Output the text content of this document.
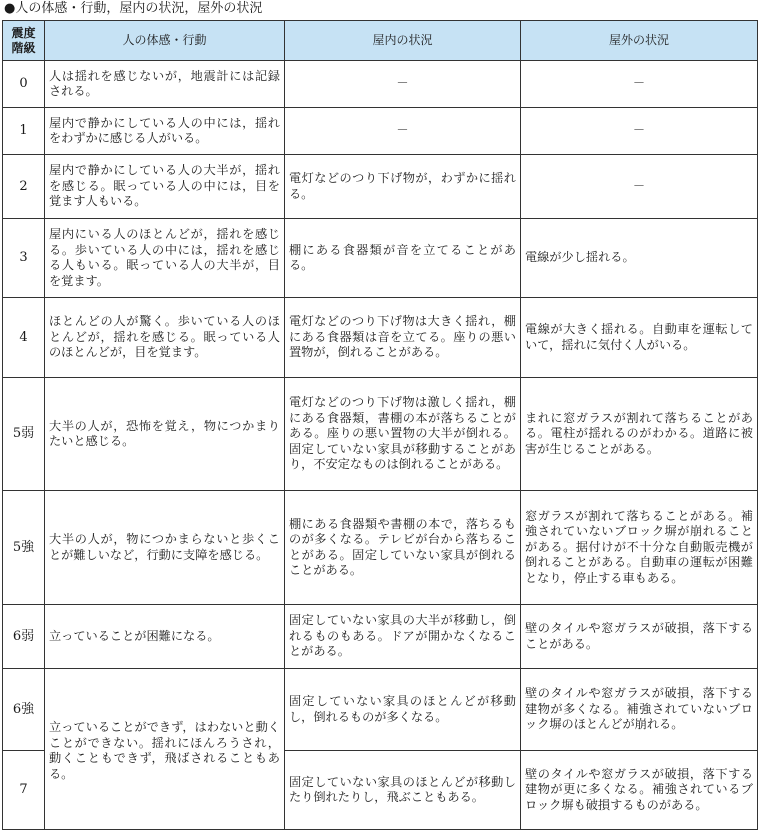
●人の体感・行動，屋内の状況，屋外の状況
震度
階級	人の体感・行動	屋内の状況	屋外の状況
0	人は揺れを感じないが，地震計には記録される。	－	－
1	屋内で静かにしている人の中には，揺れをわずかに感じる人がいる。	－	－
2	屋内で静かにしている人の大半が，揺れを感じる。眠っている人の中には，目を覚ます人もいる。	電灯などのつり下げ物が，わずかに揺れる。	－
3	屋内にいる人のほとんどが，揺れを感じる。歩いている人の中には，揺れを感じる人もいる。眠っている人の大半が，目を覚ます。	棚にある食器類が音を立てることがある。	電線が少し揺れる。
4	ほとんどの人が驚く。歩いている人のほとんどが，揺れを感じる。眠っている人のほとんどが，目を覚ます。	電灯などのつり下げ物は大きく揺れ，棚にある食器類は音を立てる。座りの悪い置物が，倒れることがある。	電線が大きく揺れる。自動車を運転していて，揺れに気付く人がいる。
5弱	大半の人が，恐怖を覚え，物につかまりたいと感じる。	電灯などのつり下げ物は激しく揺れ，棚にある食器類，書棚の本が落ちることがある。座りの悪い置物の大半が倒れる。固定していない家具が移動することがあり，不安定なものは倒れることがある。	まれに窓ガラスが割れて落ちることがある。電柱が揺れるのがわかる。道路に被害が生じることがある。
5強	大半の人が，物につかまらないと歩くことが難しいなど，行動に支障を感じる。	棚にある食器類や書棚の本で，落ちるものが多くなる。テレビが台から落ちることがある。固定していない家具が倒れることがある。	窓ガラスが割れて落ちることがある。補強されていないブロック塀が崩れることがある。据付けが不十分な自動販売機が倒れることがある。自動車の運転が困難となり，停止する車もある。
6弱	立っていることが困難になる。	固定していない家具の大半が移動し，倒れるものもある。ドアが開かなくなることがある。	壁のタイルや窓ガラスが破損，落下することがある。
6強	立っていることができず，はわないと動くことができない。揺れにほんろうされ，動くこともできず，飛ばされることもある。	固定していない家具のほとんどが移動し，倒れるものが多くなる。	壁のタイルや窓ガラスが破損，落下する建物が多くなる。補強されていないブロック塀のほとんどが崩れる。
7		固定していない家具のほとんどが移動したり倒れたりし，飛ぶこともある。	壁のタイルや窓ガラスが破損，落下する建物が更に多くなる。補強されているブロック塀も破損するものがある。
